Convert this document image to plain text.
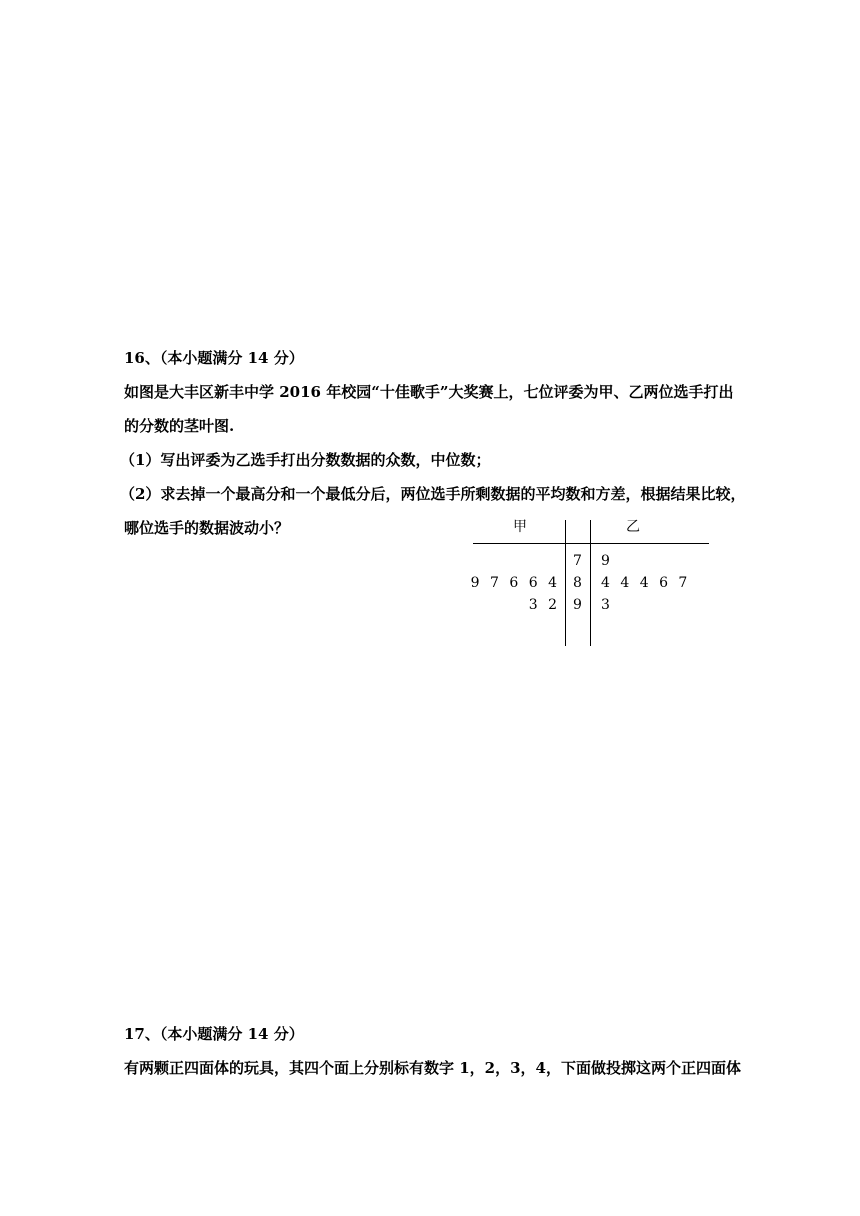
16、（本小题满分 14 分）
如图是大丰区新丰中学 2016 年校园“十佳歌手”大奖赛上，七位评委为甲、乙两位选手打出
的分数的茎叶图.
（1）写出评委为乙选手打出分数数据的众数，中位数；
（2）求去掉一个最高分和一个最低分后，两位选手所剩数据的平均数和方差，根据结果比较，
哪位选手的数据波动小？	甲	乙
7 9
9 7 6 6 4 8 4 4 4 6 7
3 2 9 3
17、（本小题满分 14 分）
有两颗正四面体的玩具，其四个面上分别标有数字 1，2，3，4，下面做投掷这两个正四面体
